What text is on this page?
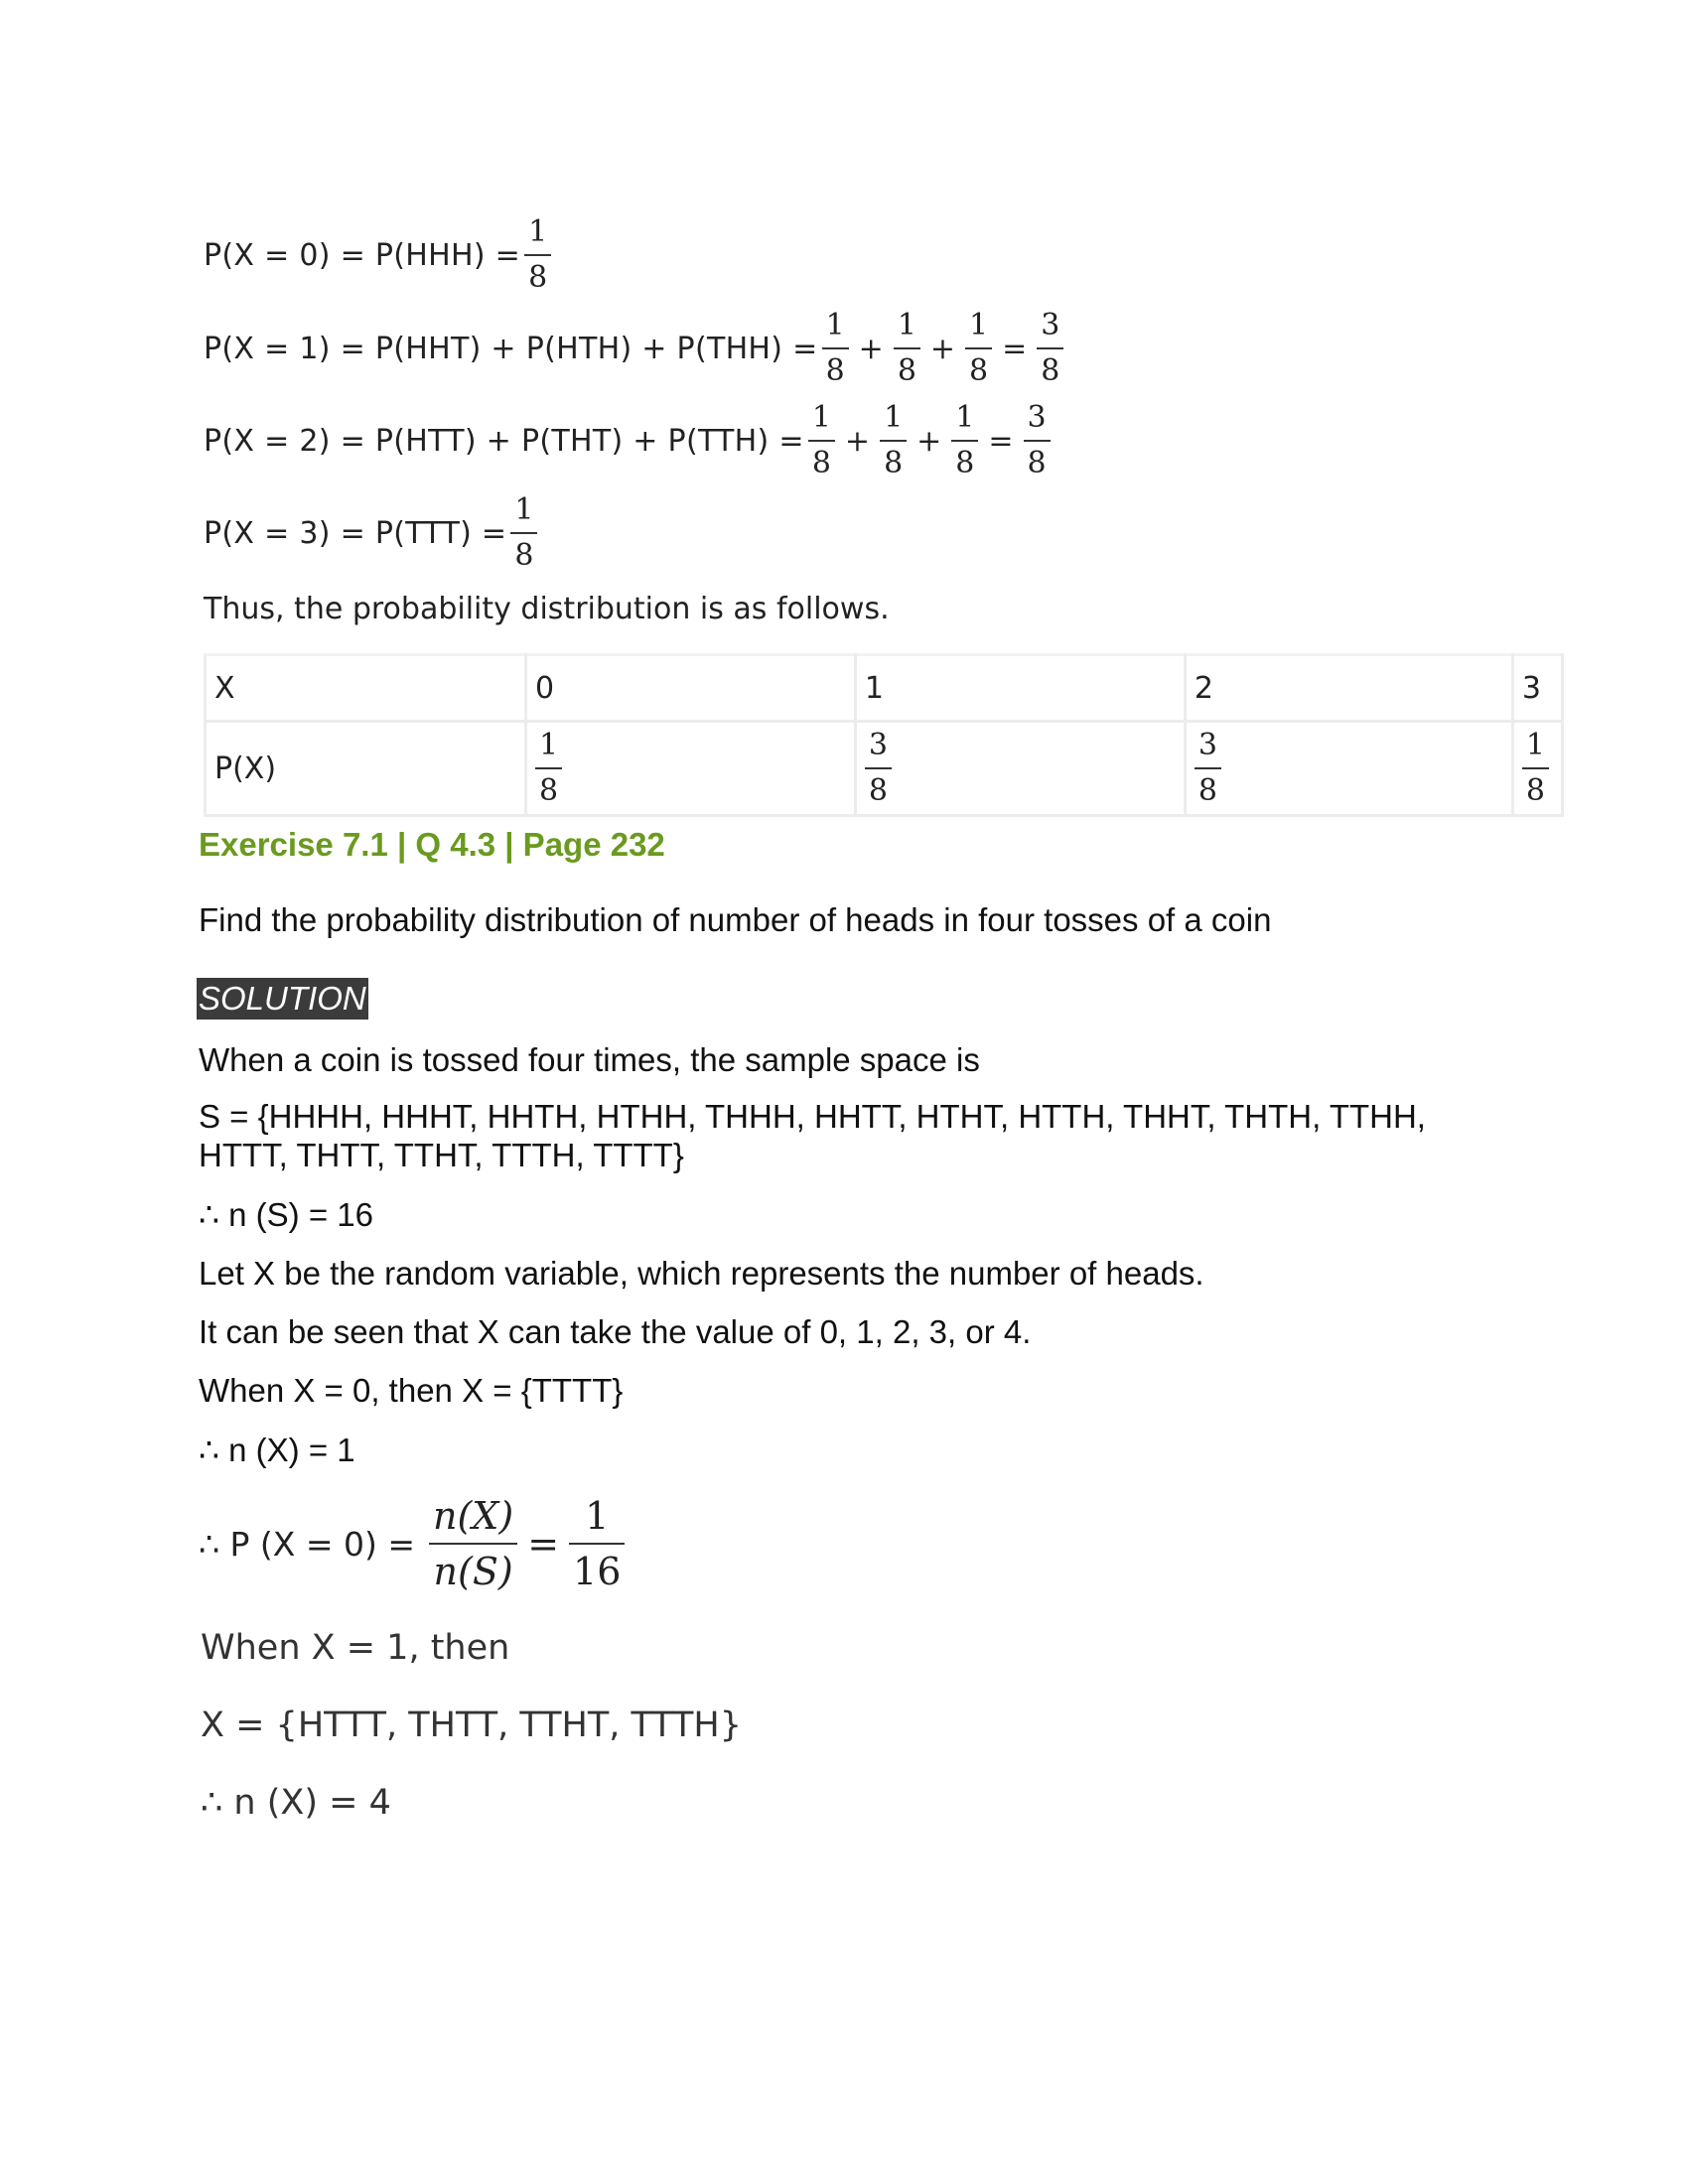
$P(X = 0) = P(HHH) = \frac{1}{8}$
$P(X = 1) = P(HHT) + P(HTH) + P(THH) = \frac{1}{8} + \frac{1}{8} + \frac{1}{8} = \frac{3}{8}$
$P(X = 2) = P(HTT) + P(THT) + P(TTH) = \frac{1}{8} + \frac{1}{8} + \frac{1}{8} = \frac{3}{8}$
$P(X = 3) = P(TTT) = \frac{1}{8}$
Thus, the probability distribution is as follows.
X	0	1	2	3
P(X)	$\frac{1}{8}$	$\frac{3}{8}$	$\frac{3}{8}$	$\frac{1}{8}$
Exercise 7.1 | Q 4.3 | Page 232
Find the probability distribution of number of heads in four tosses of a coin
SOLUTION
When a coin is tossed four times, the sample space is
S = {HHHH, HHHT, HHTH, HTHH, THHH, HHTT, HTHT, HTTH, THHT, THTH, TTHH,
HTTT, THTT, TTHT, TTTH, TTTT}
∴ n (S) = 16
Let X be the random variable, which represents the number of heads.
It can be seen that X can take the value of 0, 1, 2, 3, or 4.
When X = 0, then X = {TTTT}
∴ n (X) = 1
∴ P $(X = 0) = \frac{n(X)}{n(S)} = \frac{1}{16}$
When X = 1, then
X = {HTTT, THTT, TTHT, TTTH}
∴ n (X) = 4
